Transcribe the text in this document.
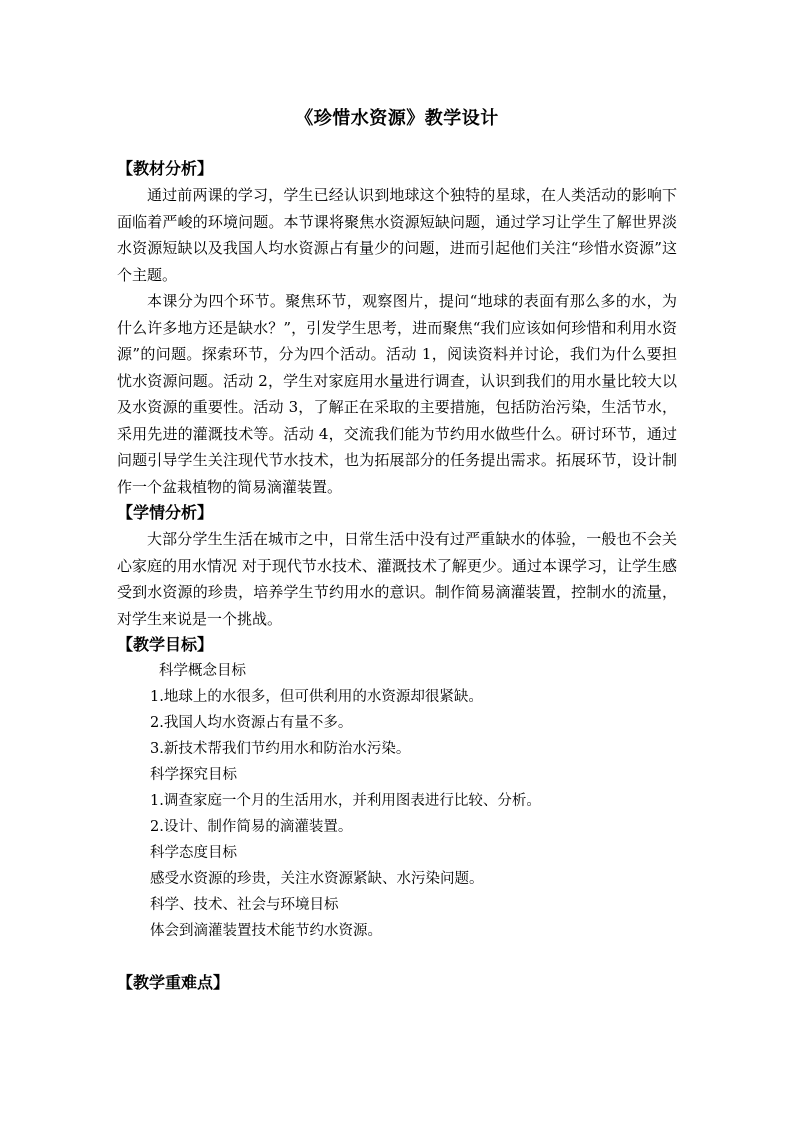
《珍惜水资源》教学设计

【教材分析】

通过前两课的学习，学生已经认识到地球这个独特的星球，在人类活动的影响下面临着严峻的环境问题。本节课将聚焦水资源短缺问题，通过学习让学生了解世界淡水资源短缺以及我国人均水资源占有量少的问题，进而引起他们关注“珍惜水资源”这个主题。

本课分为四个环节。聚焦环节，观察图片，提问“地球的表面有那么多的水，为什么许多地方还是缺水？”，引发学生思考，进而聚焦“我们应该如何珍惜和利用水资源”的问题。探索环节，分为四个活动。活动 1，阅读资料并讨论，我们为什么要担忧水资源问题。活动 2，学生对家庭用水量进行调查，认识到我们的用水量比较大以及水资源的重要性。活动 3，了解正在采取的主要措施，包括防治污染，生活节水，采用先进的灌溉技术等。活动 4，交流我们能为节约用水做些什么。研讨环节，通过问题引导学生关注现代节水技术，也为拓展部分的任务提出需求。拓展环节，设计制作一个盆栽植物的简易滴灌装置。

【学情分析】

大部分学生生活在城市之中，日常生活中没有过严重缺水的体验，一般也不会关心家庭的用水情况 对于现代节水技术、灌溉技术了解更少。通过本课学习，让学生感受到水资源的珍贵，培养学生节约用水的意识。制作简易滴灌装置，控制水的流量，对学生来说是一个挑战。

【教学目标】

科学概念目标

1.地球上的水很多，但可供利用的水资源却很紧缺。

2.我国人均水资源占有量不多。

3.新技术帮我们节约用水和防治水污染。

科学探究目标

1.调查家庭一个月的生活用水，并利用图表进行比较、分析。

2.设计、制作简易的滴灌装置。

科学态度目标

感受水资源的珍贵，关注水资源紧缺、水污染问题。

科学、技术、社会与环境目标

体会到滴灌装置技术能节约水资源。

【教学重难点】
